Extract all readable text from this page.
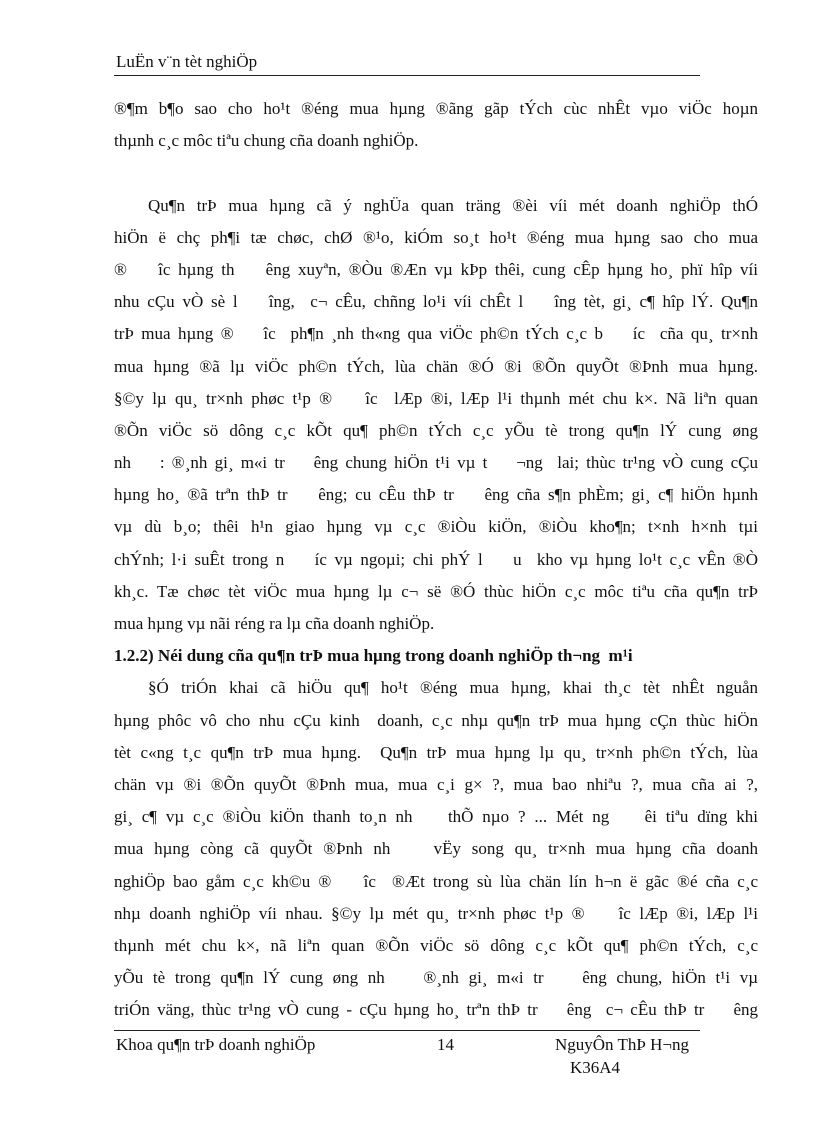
LuËn v¨n tèt nghiÖp
®¶m b¶o sao cho ho¹t ®éng mua hµng ®ãng gãp tÝch cùc nhÊt vµo viÖc hoµn
thµnh c¸c môc tiªu chung cña doanh nghiÖp.

Qu¶n trÞ mua hµng cã ý nghÜa quan träng ®èi víi mét doanh nghiÖp thÓ
hiÖn ë chç ph¶i tæ chøc, chØ ®¹o, kiÓm so¸t ho¹t ®éng mua hµng sao cho mua
®    îc hµng th    êng xuyªn, ®Òu ®Æn vµ kÞp thêi, cung cÊp hµng ho¸ phï hîp víi
nhu cÇu vÒ sè l    îng,  c¬ cÊu, chñng lo¹i víi chÊt l    îng tèt, gi¸ c¶ hîp lÝ. Qu¶n
trÞ mua hµng ®    îc  ph¶n ¸nh th«ng qua viÖc ph©n tÝch c¸c b    íc  cña qu¸ tr×nh
mua hµng ®ã lµ viÖc ph©n tÝch, lùa chän ®Ó ®i ®Õn quyÕt ®Þnh mua hµng.
§©y lµ qu¸ tr×nh phøc t¹p ®    îc  lÆp ®i, lÆp l¹i thµnh mét chu k×. Nã liªn quan
®Õn viÖc sö dông c¸c kÕt qu¶ ph©n tÝch c¸c yÕu tè trong qu¶n lÝ cung øng
nh    : ®¸nh gi¸ m«i tr    êng chung hiÖn t¹i vµ t    ¬ng  lai; thùc tr¹ng vÒ cung cÇu
hµng ho¸ ®ã trªn thÞ tr    êng; cu cÊu thÞ tr    êng cña s¶n phÈm; gi¸ c¶ hiÖn hµnh
vµ dù b¸o; thêi h¹n giao hµng vµ c¸c ®iÒu kiÖn, ®iÒu kho¶n; t×nh h×nh tµi
chÝnh; l·i suÊt trong n    íc vµ ngoµi; chi phÝ l    u  kho vµ hµng lo¹t c¸c vÊn ®Ò
kh¸c. Tæ chøc tèt viÖc mua hµng lµ c¬ së ®Ó thùc hiÖn c¸c môc tiªu cña qu¶n trÞ
mua hµng vµ nãi réng ra lµ cña doanh nghiÖp.
1.2.2) Néi dung cña qu¶n trÞ mua hµng trong doanh nghiÖp th¬ng  m¹i
§Ó triÓn khai cã hiÖu qu¶ ho¹t ®éng mua hµng, khai th¸c tèt nhÊt nguån
hµng phôc vô cho nhu cÇu kinh  doanh, c¸c nhµ qu¶n trÞ mua hµng cÇn thùc hiÖn
tèt c«ng t¸c qu¶n trÞ mua hµng.  Qu¶n trÞ mua hµng lµ qu¸ tr×nh ph©n tÝch, lùa
chän vµ ®i ®Õn quyÕt ®Þnh mua, mua c¸i g× ?, mua bao nhiªu ?, mua cña ai ?,
gi¸ c¶ vµ c¸c ®iÒu kiÖn thanh to¸n nh    thÕ nµo ? ... Mét ng    êi tiªu dïng khi
mua hµng còng cã quyÕt ®Þnh nh    vËy song qu¸ tr×nh mua hµng cña doanh
nghiÖp bao gåm c¸c kh©u ®    îc  ®Æt trong sù lùa chän lín h¬n ë gãc ®é cña c¸c
nhµ doanh nghiÖp víi nhau. §©y lµ mét qu¸ tr×nh phøc t¹p ®    îc lÆp ®i, lÆp l¹i
thµnh mét chu k×, nã liªn quan ®Õn viÖc sö dông c¸c kÕt qu¶ ph©n tÝch, c¸c
yÕu tè trong qu¶n lÝ cung øng nh    ®¸nh gi¸ m«i tr    êng chung, hiÖn t¹i vµ
triÓn väng, thùc tr¹ng vÒ cung - cÇu hµng ho¸ trªn thÞ tr    êng  c¬ cÊu thÞ tr    êng
Khoa qu¶n trÞ doanh nghiÖp	14	NguyÔn ThÞ H¬ng
K36A4
